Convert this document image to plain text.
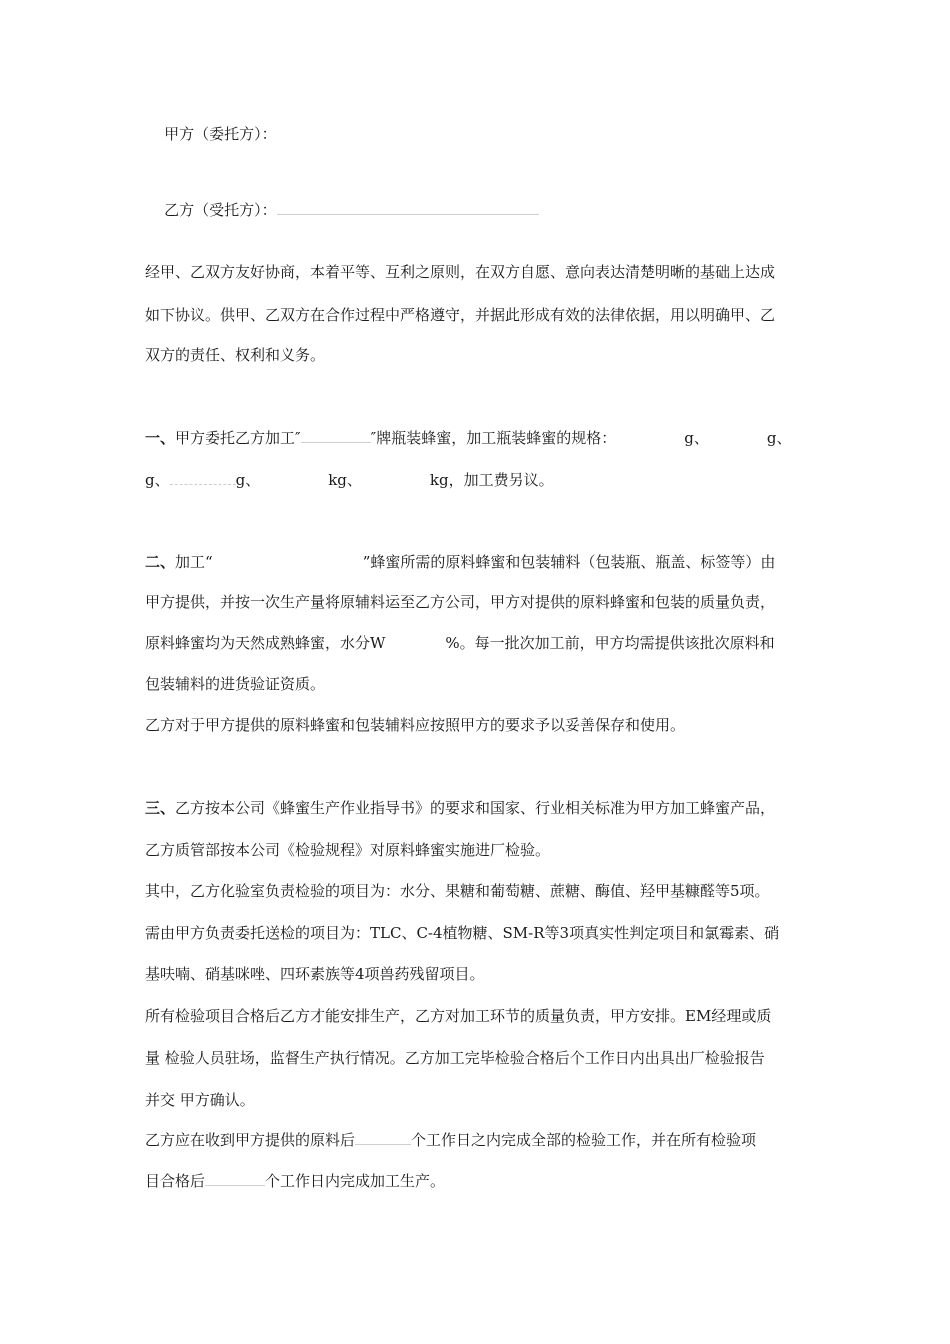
甲方（委托方）：

乙方（受托方）：

经甲、乙双方友好协商，本着平等、互利之原则，在双方自愿、意向表达清楚明晰的基础上达成
如下协议。供甲、乙双方在合作过程中严格遵守，并据此形成有效的法律依据，用以明确甲、乙
双方的责任、权利和义务。
一、甲方委托乙方加工″	″牌瓶装蜂蜜，加工瓶装蜂蜜的规格：	g、	g、
g、	g、	kg、	kg，加工费另议。
二、加工“	”蜂蜜所需的原料蜂蜜和包装辅料（包装瓶、瓶盖、标签等）由
甲方提供，并按一次生产量将原辅料运至乙方公司，甲方对提供的原料蜂蜜和包装的质量负责，
原料蜂蜜均为天然成熟蜂蜜，水分W	%。每一批次加工前，甲方均需提供该批次原料和
包装辅料的进货验证资质。
乙方对于甲方提供的原料蜂蜜和包装辅料应按照甲方的要求予以妥善保存和使用。
三、乙方按本公司《蜂蜜生产作业指导书》的要求和国家、行业相关标准为甲方加工蜂蜜产品，
乙方质管部按本公司《检验规程》对原料蜂蜜实施进厂检验。
其中，乙方化验室负责检验的项目为：水分、果糖和葡萄糖、蔗糖、酶值、羟甲基糠醛等5项。
需由甲方负责委托送检的项目为：TLC、C-4植物糖、SM-R等3项真实性判定项目和氯霉素、硝
基呋喃、硝基咪唑、四环素族等4项兽药残留项目。
所有检验项目合格后乙方才能安排生产，乙方对加工环节的质量负责，甲方安排。EM经理或质
量 检验人员驻场，监督生产执行情况。乙方加工完毕检验合格后个工作日内出具出厂检验报告
并交 甲方确认。
乙方应在收到甲方提供的原料后	个工作日之内完成全部的检验工作，并在所有检验项
目合格后	个工作日内完成加工生产。
